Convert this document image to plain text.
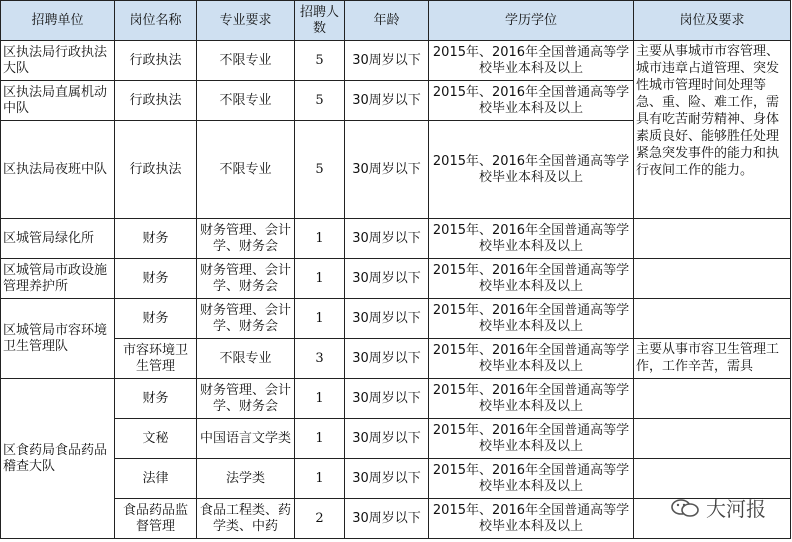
招聘单位	岗位名称	专业要求	招聘人数	年龄	学历学位	岗位及要求
区执法局行政执法大队	行政执法	不限专业	5	30周岁以下	2015年、2016年全国普通高等学校毕业本科及以上	主要从事城市市容管理、城市违章占道管理、突发性城市管理时间处理等急、重、险、难工作，需具有吃苦耐劳精神、身体素质良好、能够胜任处理紧急突发事件的能力和执行夜间工作的能力。
区执法局直属机动中队	行政执法	不限专业	5	30周岁以下	2015年、2016年全国普通高等学校毕业本科及以上	
区执法局夜班中队	行政执法	不限专业	5	30周岁以下	2015年、2016年全国普通高等学校毕业本科及以上	
区城管局绿化所	财务	财务管理、会计学、财务会	1	30周岁以下	2015年、2016年全国普通高等学校毕业本科及以上	
区城管局市政设施管理养护所	财务	财务管理、会计学、财务会	1	30周岁以下	2015年、2016年全国普通高等学校毕业本科及以上	
区城管局市容环境卫生管理队	财务	财务管理、会计学、财务会	1	30周岁以下	2015年、2016年全国普通高等学校毕业本科及以上	
	市容环境卫生管理	不限专业	3	30周岁以下	2015年、2016年全国普通高等学校毕业本科及以上	主要从事市容卫生管理工作，工作辛苦，需具
区食药局食品药品稽查大队	财务	财务管理、会计学、财务会	1	30周岁以下	2015年、2016年全国普通高等学校毕业本科及以上	
	文秘	中国语言文学类	1	30周岁以下	2015年、2016年全国普通高等学校毕业本科及以上	
	法律	法学类	1	30周岁以下	2015年、2016年全国普通高等学校毕业本科及以上	
	食品药品监督管理	食品工程类、药学类、中药	2	30周岁以下	2015年、2016年全国普通高等学校毕业本科及以上	
大河报
